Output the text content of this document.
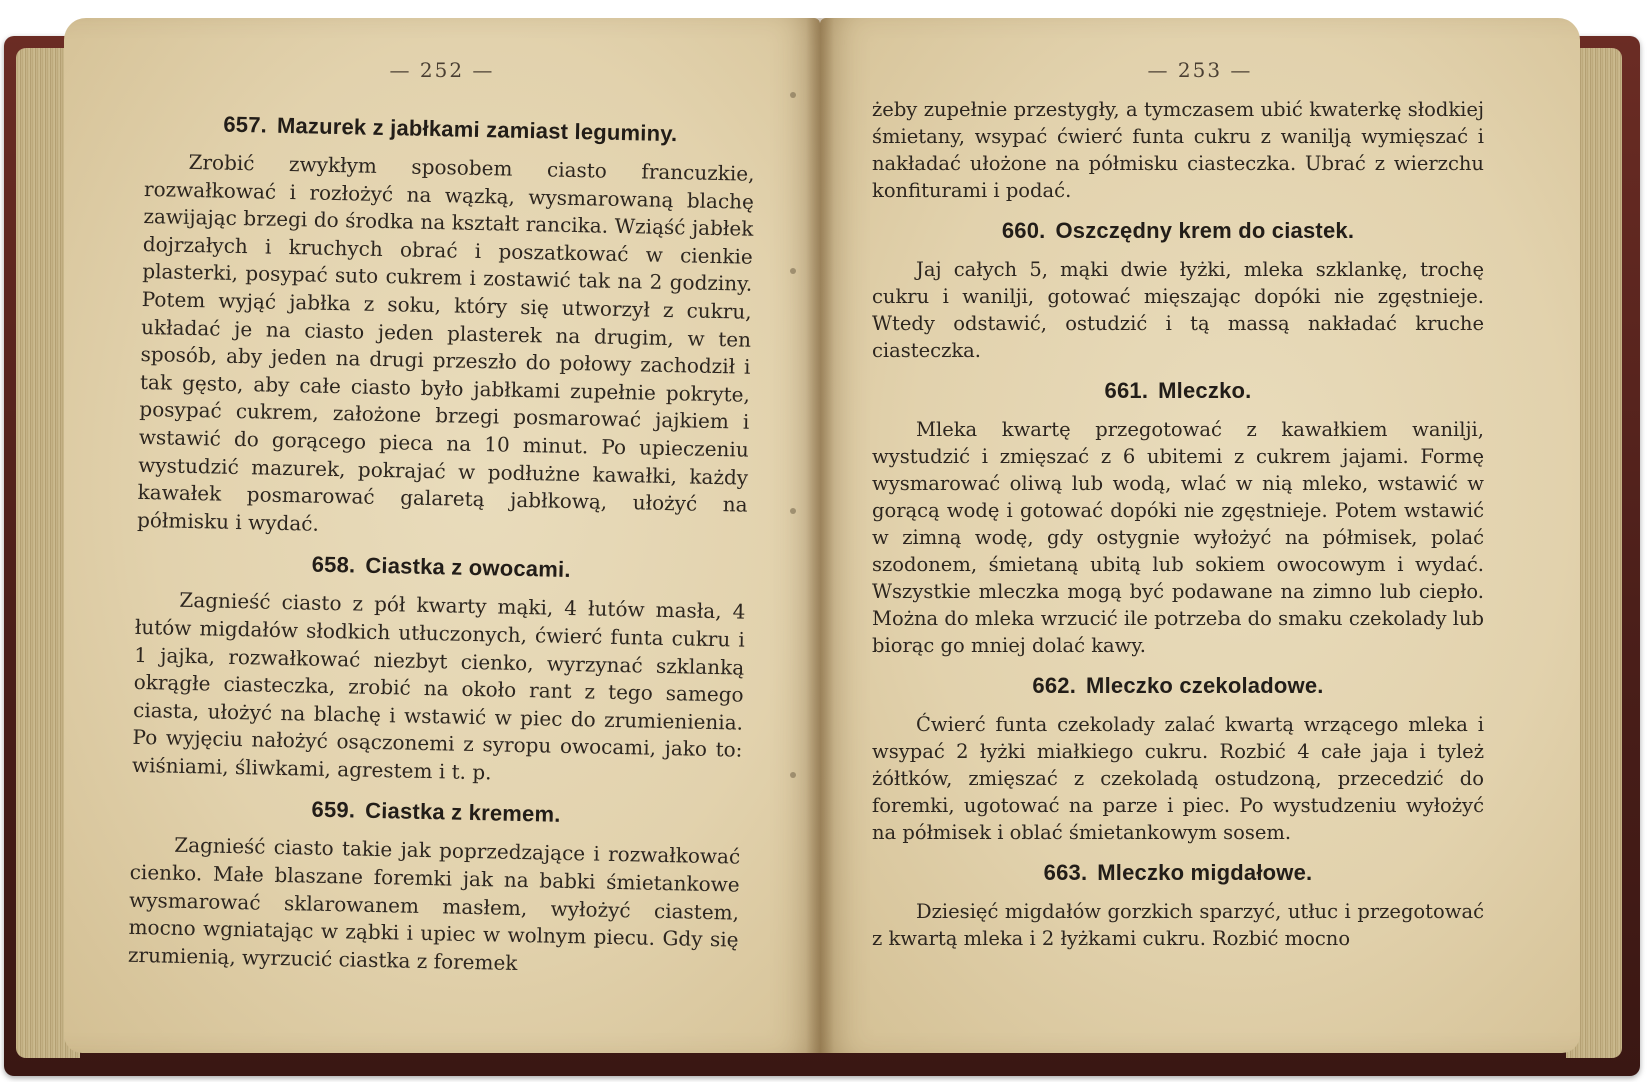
— 252 —
657. Mazurek z jabłkami zamiast leguminy.

Zrobić zwykłym sposobem ciasto francuzkie, rozwałkować i rozłożyć na wązką, wysmarowaną blachę zawijając brzegi do środka na kształt rancika. Wziąść jabłek dojrzałych i kruchych obrać i poszatkować w cienkie plasterki, posypać suto cukrem i zostawić tak na 2 godziny. Potem wyjąć jabłka z soku, który się utworzył z cukru, układać je na ciasto jeden plasterek na drugim, w ten sposób, aby jeden na drugi przeszło do połowy zachodził i tak gęsto, aby całe ciasto było jabłkami zupełnie pokryte, posypać cukrem, założone brzegi posmarować jajkiem i wstawić do gorącego pieca na 10 minut. Po upieczeniu wystudzić mazurek, pokrajać w podłużne kawałki, każdy kawałek posmarować galaretą jabłkową, ułożyć na półmisku i wydać.

658. Ciastka z owocami.

Zagnieść ciasto z pół kwarty mąki, 4 łutów masła, 4 łutów migdałów słodkich utłuczonych, ćwierć funta cukru i 1 jajka, rozwałkować niezbyt cienko, wyrzynać szklanką okrągłe ciasteczka, zrobić na około rant z tego samego ciasta, ułożyć na blachę i wstawić w piec do zrumienienia. Po wyjęciu nałożyć osączonemi z syropu owocami, jako to: wiśniami, śliwkami, agrestem i t. p.

659. Ciastka z kremem.

Zagnieść ciasto takie jak poprzedzające i rozwałkować cienko. Małe blaszane foremki jak na babki śmietankowe wysmarować sklarowanem masłem, wyłożyć ciastem, mocno wgniatając w ząbki i upiec w wolnym piecu. Gdy się zrumienią, wyrzucić ciastka z foremek

— 253 —

żeby zupełnie przestygły, a tymczasem ubić kwaterkę słodkiej śmietany, wsypać ćwierć funta cukru z wanilją wymięszać i nakładać ułożone na półmisku ciasteczka. Ubrać z wierzchu konfiturami i podać.

660. Oszczędny krem do ciastek.

Jaj całych 5, mąki dwie łyżki, mleka szklankę, trochę cukru i wanilji, gotować mięszając dopóki nie zgęstnieje. Wtedy odstawić, ostudzić i tą massą nakładać kruche ciasteczka.

661. Mleczko.

Mleka kwartę przegotować z kawałkiem wanilji, wystudzić i zmięszać z 6 ubitemi z cukrem jajami. Formę wysmarować oliwą lub wodą, wlać w nią mleko, wstawić w gorącą wodę i gotować dopóki nie zgęstnieje. Potem wstawić w zimną wodę, gdy ostygnie wyłożyć na półmisek, polać szodonem, śmietaną ubitą lub sokiem owocowym i wydać. Wszystkie mleczka mogą być podawane na zimno lub ciepło. Można do mleka wrzucić ile potrzeba do smaku czekolady lub biorąc go mniej dolać kawy.

662. Mleczko czekoladowe.

Ćwierć funta czekolady zalać kwartą wrzącego mleka i wsypać 2 łyżki miałkiego cukru. Rozbić 4 całe jaja i tyleż żółtków, zmięszać z czekoladą ostudzoną, przecedzić do foremki, ugotować na parze i piec. Po wystudzeniu wyłożyć na półmisek i oblać śmietankowym sosem.

663. Mleczko migdałowe.

Dziesięć migdałów gorzkich sparzyć, utłuc i przegotować z kwartą mleka i 2 łyżkami cukru. Rozbić mocno
